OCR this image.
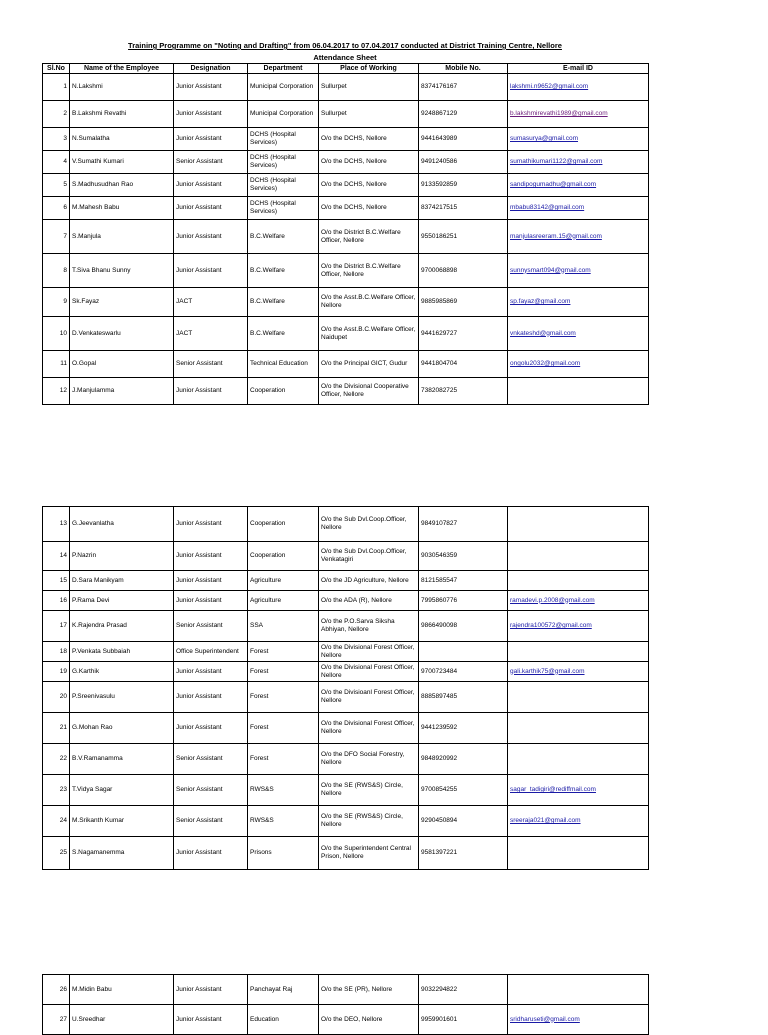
Training Programme on "Noting and Drafting" from 06.04.2017 to 07.04.2017 conducted at District Training Centre, Nellore
Attendance Sheet
Sl.No	Name of the Employee	Designation	Department	Place of Working	Mobile No.	E-mail ID
1	N.Lakshmi	Junior Assistant	Municipal Corporation	Sullurpet	8374176167	lakshmi.n9652@gmail.com
2	B.Lakshmi Revathi	Junior Assistant	Municipal Corporation	Sullurpet	9248867129	b.lakshmirevathi1989@gmail.com
3	N.Sumalatha	Junior Assistant	DCHS (Hospital Services)	O/o the DCHS, Nellore	9441643989	sumasurya@gmail.com
4	V.Sumathi Kumari	Senior Assistant	DCHS (Hospital Services)	O/o the DCHS, Nellore	9491240586	sumathikumari1122@gmail.com
5	S.Madhusudhan Rao	Junior Assistant	DCHS (Hospital Services)	O/o the DCHS, Nellore	9133592859	sandipogumadhu@gmail.com
6	M.Mahesh Babu	Junior Assistant	DCHS (Hospital Services)	O/o the DCHS, Nellore	8374217515	mbabu83142@gmail.com
7	S.Manjula	Junior Assistant	B.C.Welfare	O/o the District B.C.Welfare Officer, Nellore	9550186251	manjulasreeram.15@gmail.com
8	T.Siva Bhanu Sunny	Junior Assistant	B.C.Welfare	O/o the District B.C.Welfare Officer, Nellore	9700068898	sunnysmart094@gmail.com
9	Sk.Fayaz	JACT	B.C.Welfare	O/o the Asst.B.C.Welfare Officer, Nellore	9885985869	sp.fayaz@gmail.com
10	D.Venkateswarlu	JACT	B.C.Welfare	O/o the Asst.B.C.Welfare Officer, Naidupet	9441629727	vnkateshd@gmail.com
11	O.Gopal	Senior Assistant	Technical Education	O/o the Principal GICT, Gudur	9441804704	ongolu2032@gmail.com
12	J.Manjulamma	Junior Assistant	Cooperation	O/o the Divisional Cooperative Officer, Nellore	7382082725	
13	G.Jeevanlatha	Junior Assistant	Cooperation	O/o the Sub Dvl.Coop.Officer, Nellore	9849107827	
14	P.Nazrin	Junior Assistant	Cooperation	O/o the Sub Dvl.Coop.Officer, Venkatagiri	9030546359	
15	D.Sara Manikyam	Junior Assistant	Agriculture	O/o the JD Agriculture, Nellore	8121585547	
16	P.Rama Devi	Junior Assistant	Agriculture	O/o the ADA (R), Nellore	7995860776	ramadevi.p.2008@gmail.com
17	K.Rajendra Prasad	Senior Assistant	SSA	O/o the P.O.Sarva Siksha Abhiyan, Nellore	9866490098	rajendra100572@gmail.com
18	P.Venkata Subbaiah	Office Superintendent	Forest	O/o the Divisional Forest Officer, Nellore		
19	G.Karthik	Junior Assistant	Forest	O/o the Divisional Forest Officer, Nellore	9700723484	gali.karthik75@gmail.com
20	P.Sreenivasulu	Junior Assistant	Forest	O/o the Divisioanl Forest Officer, Nellore	8885897485	
21	G.Mohan Rao	Junior Assistant	Forest	O/o the Divisional Forest Officer, Nellore	9441239592	
22	B.V.Ramanamma	Senior Assistant	Forest	O/o the DFO Social Forestry, Nellore	9848920992	
23	T.Vidya Sagar	Senior Assistant	RWS&S	O/o the SE (RWS&S) Circle, Nellore	9700854255	sagar_tadigiri@rediffmail.com
24	M.Srikanth Kumar	Senior Assistant	RWS&S	O/o the SE (RWS&S) Circle, Nellore	9290450894	sreeraja021@gmail.com
25	S.Nagamanemma	Junior Assistant	Prisons	O/o the Superintendent Central Prison, Nellore	9581397221	
26	M.Midin Babu	Junior Assistant	Panchayat Raj	O/o the SE (PR), Nellore	9032294822	
27	U.Sreedhar	Junior Assistant	Education	O/o the DEO, Nellore	9959901601	sridharuseti@gmail.com
